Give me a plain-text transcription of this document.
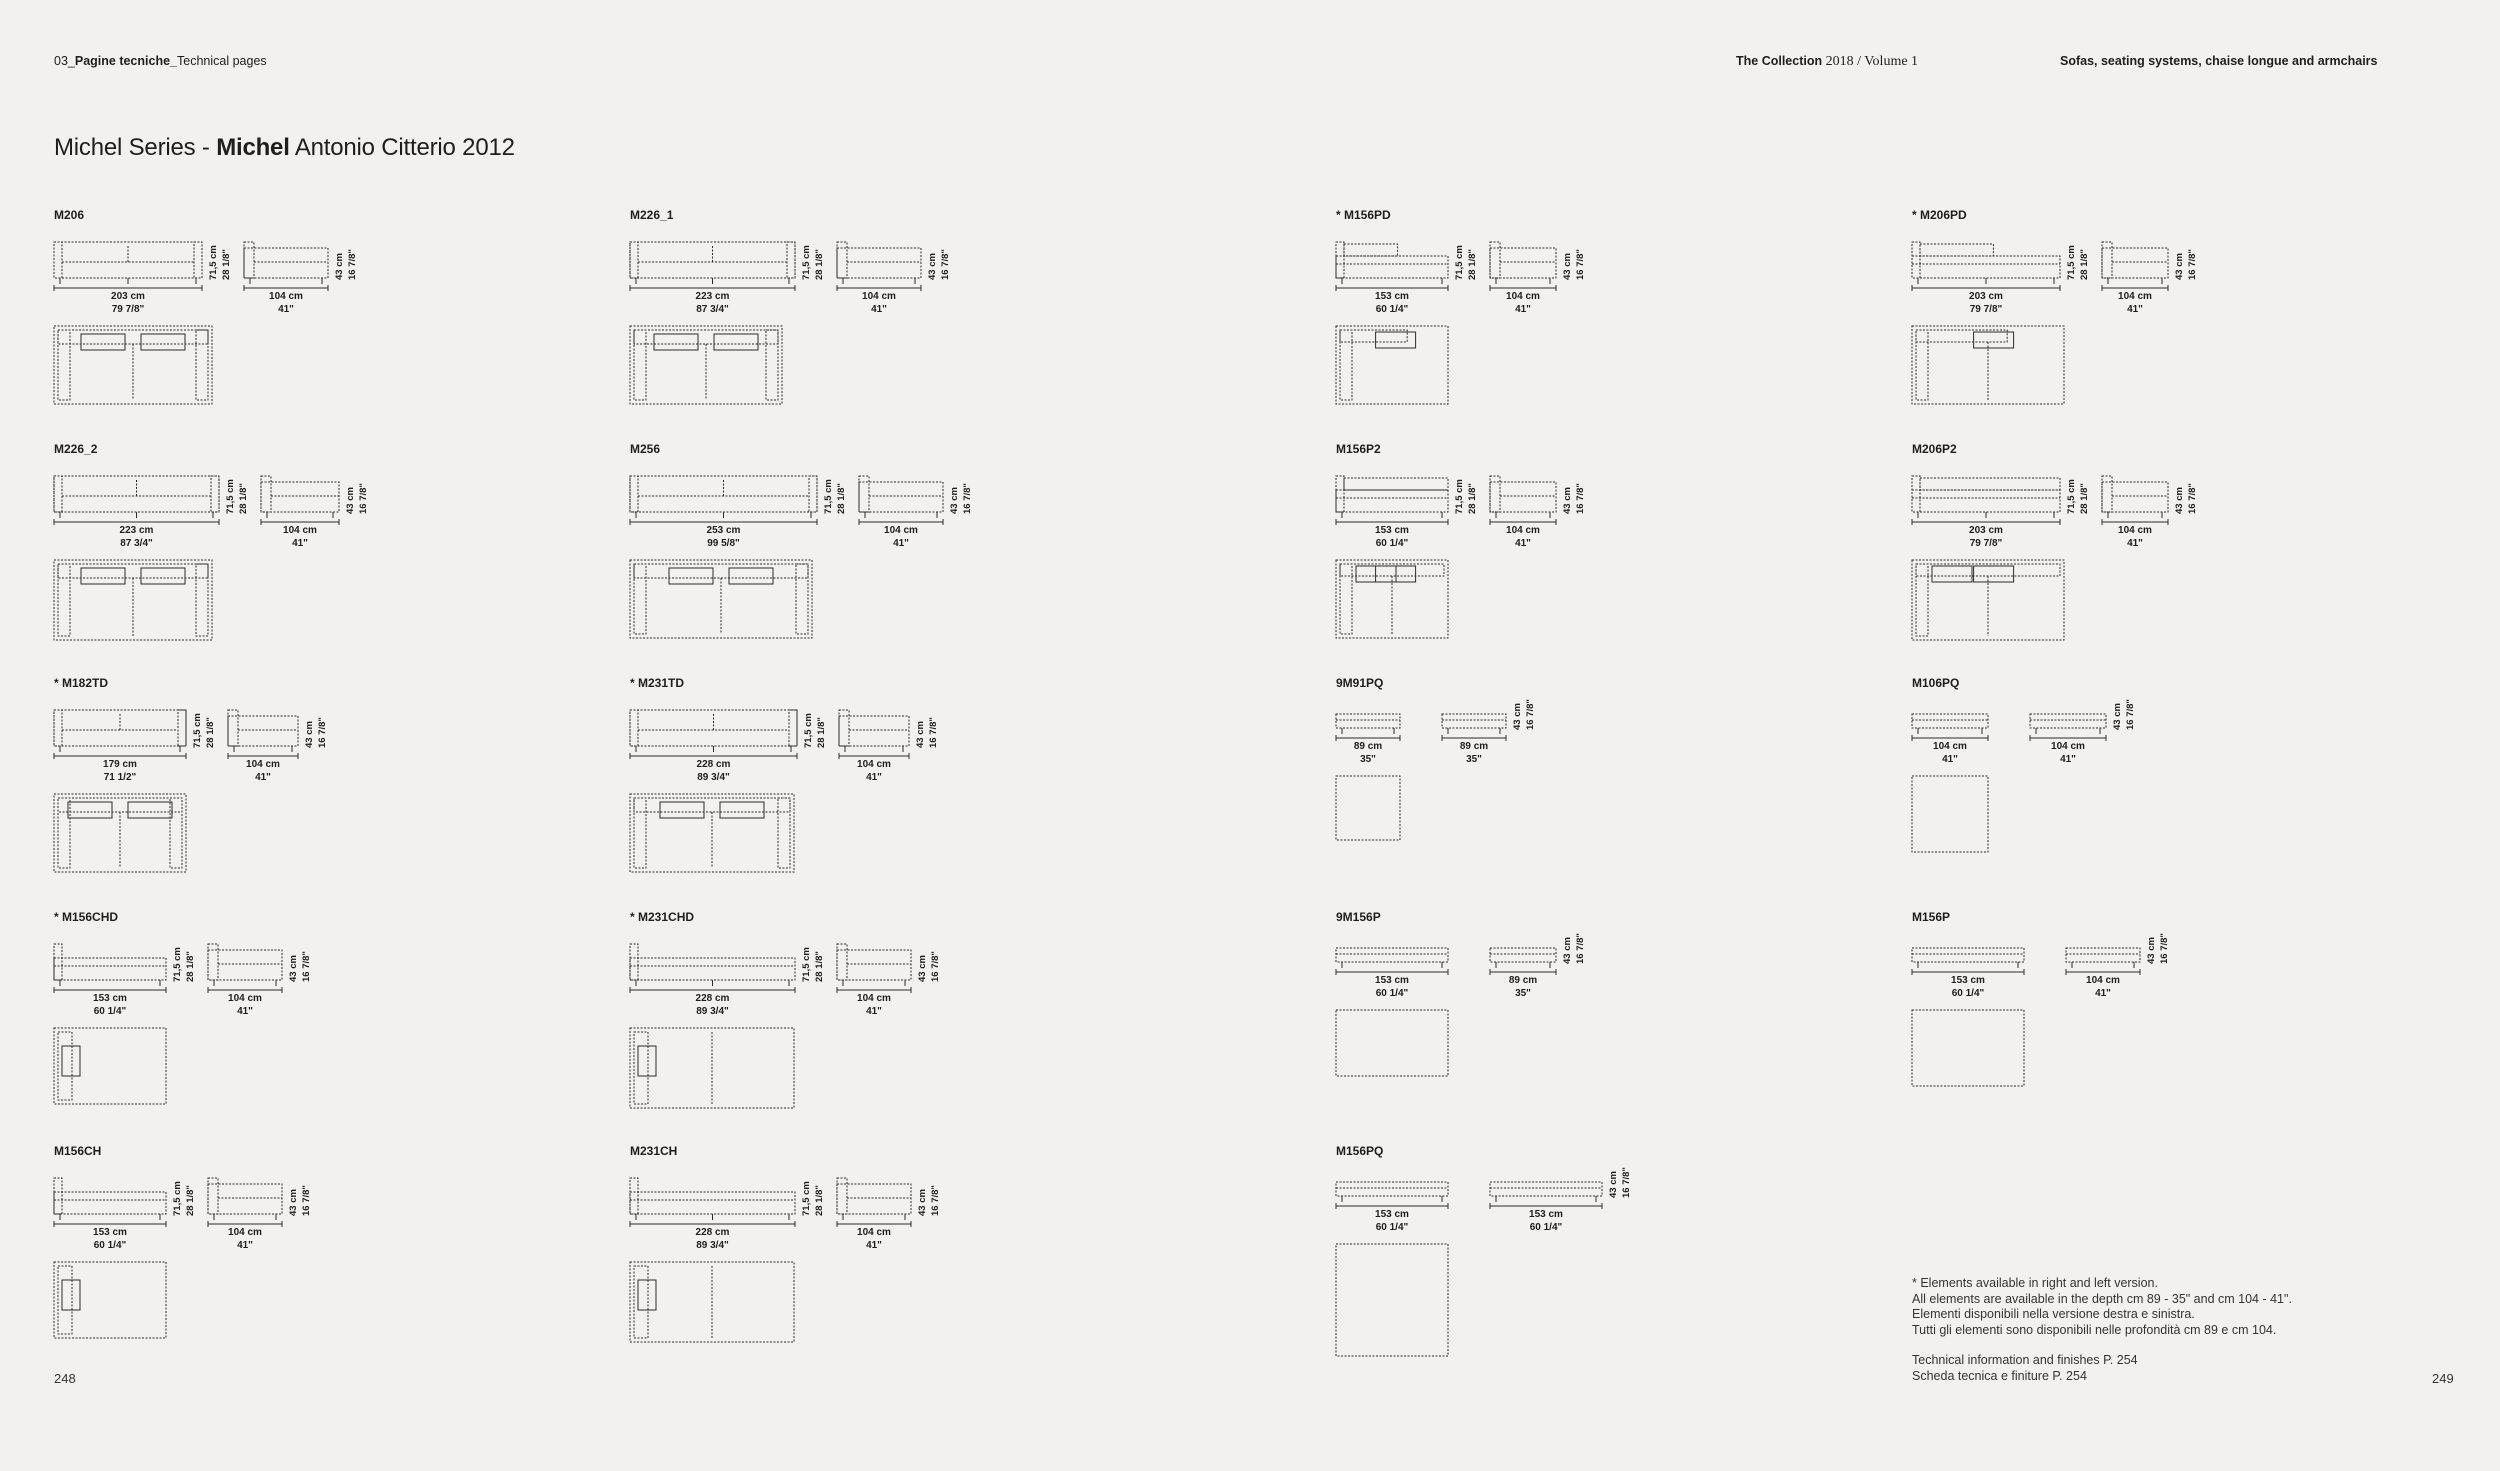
03_Pagine tecniche_Technical pages	The Collection 2018 / Volume 1	Sofas, seating systems, chaise longue and armchairs
Michel Series - Michel Antonio Citterio 2012
M206
203 cm
79 7/8"
104 cm
41"
71,5 cm 28 1/8"	43 cm 16 7/8"
M226_1
223 cm
87 3/4"
104 cm
41"
71,5 cm 28 1/8"	43 cm 16 7/8"
* M156PD
153 cm
60 1/4"
104 cm
41"
71,5 cm 28 1/8"	43 cm 16 7/8"
* M206PD
203 cm
79 7/8"
104 cm
41"
71,5 cm 28 1/8"	43 cm 16 7/8"
M226_2
223 cm
87 3/4"
104 cm
41"
71,5 cm 28 1/8"	43 cm 16 7/8"
M256
253 cm
99 5/8"
104 cm
41"
71,5 cm 28 1/8"	43 cm 16 7/8"
M156P2
153 cm
60 1/4"
104 cm
41"
71,5 cm 28 1/8"	43 cm 16 7/8"
M206P2
203 cm
79 7/8"
104 cm
41"
71,5 cm 28 1/8"	43 cm 16 7/8"
* M182TD
179 cm
71 1/2"
104 cm
41"
71,5 cm 28 1/8"	43 cm 16 7/8"
* M231TD
228 cm
89 3/4"
104 cm
41"
71,5 cm 28 1/8"	43 cm 16 7/8"
9M91PQ
89 cm
35"
89 cm
35"
43 cm 16 7/8"
M106PQ
104 cm
41"
104 cm
41"
43 cm 16 7/8"
* M156CHD
153 cm
60 1/4"
104 cm
41"
71,5 cm 28 1/8"	43 cm 16 7/8"
* M231CHD
228 cm
89 3/4"
104 cm
41"
71,5 cm 28 1/8"	43 cm 16 7/8"
9M156P
153 cm
60 1/4"
89 cm
35"
43 cm 16 7/8"
M156P
153 cm
60 1/4"
104 cm
41"
43 cm 16 7/8"
M156CH
153 cm
60 1/4"
104 cm
41"
71,5 cm 28 1/8"	43 cm 16 7/8"
M231CH
228 cm
89 3/4"
104 cm
41"
71,5 cm 28 1/8"	43 cm 16 7/8"
M156PQ
153 cm
60 1/4"
153 cm
60 1/4"
43 cm 16 7/8"

* Elements available in right and left version.

All elements are available in the depth cm 89 - 35" and cm 104 - 41".

Elementi disponibili nella versione destra e sinistra.

Tutti gli elementi sono disponibili nelle profondità cm 89 e cm 104.

Technical information and finishes P. 254

Scheda tecnica e finiture P. 254

248	249
